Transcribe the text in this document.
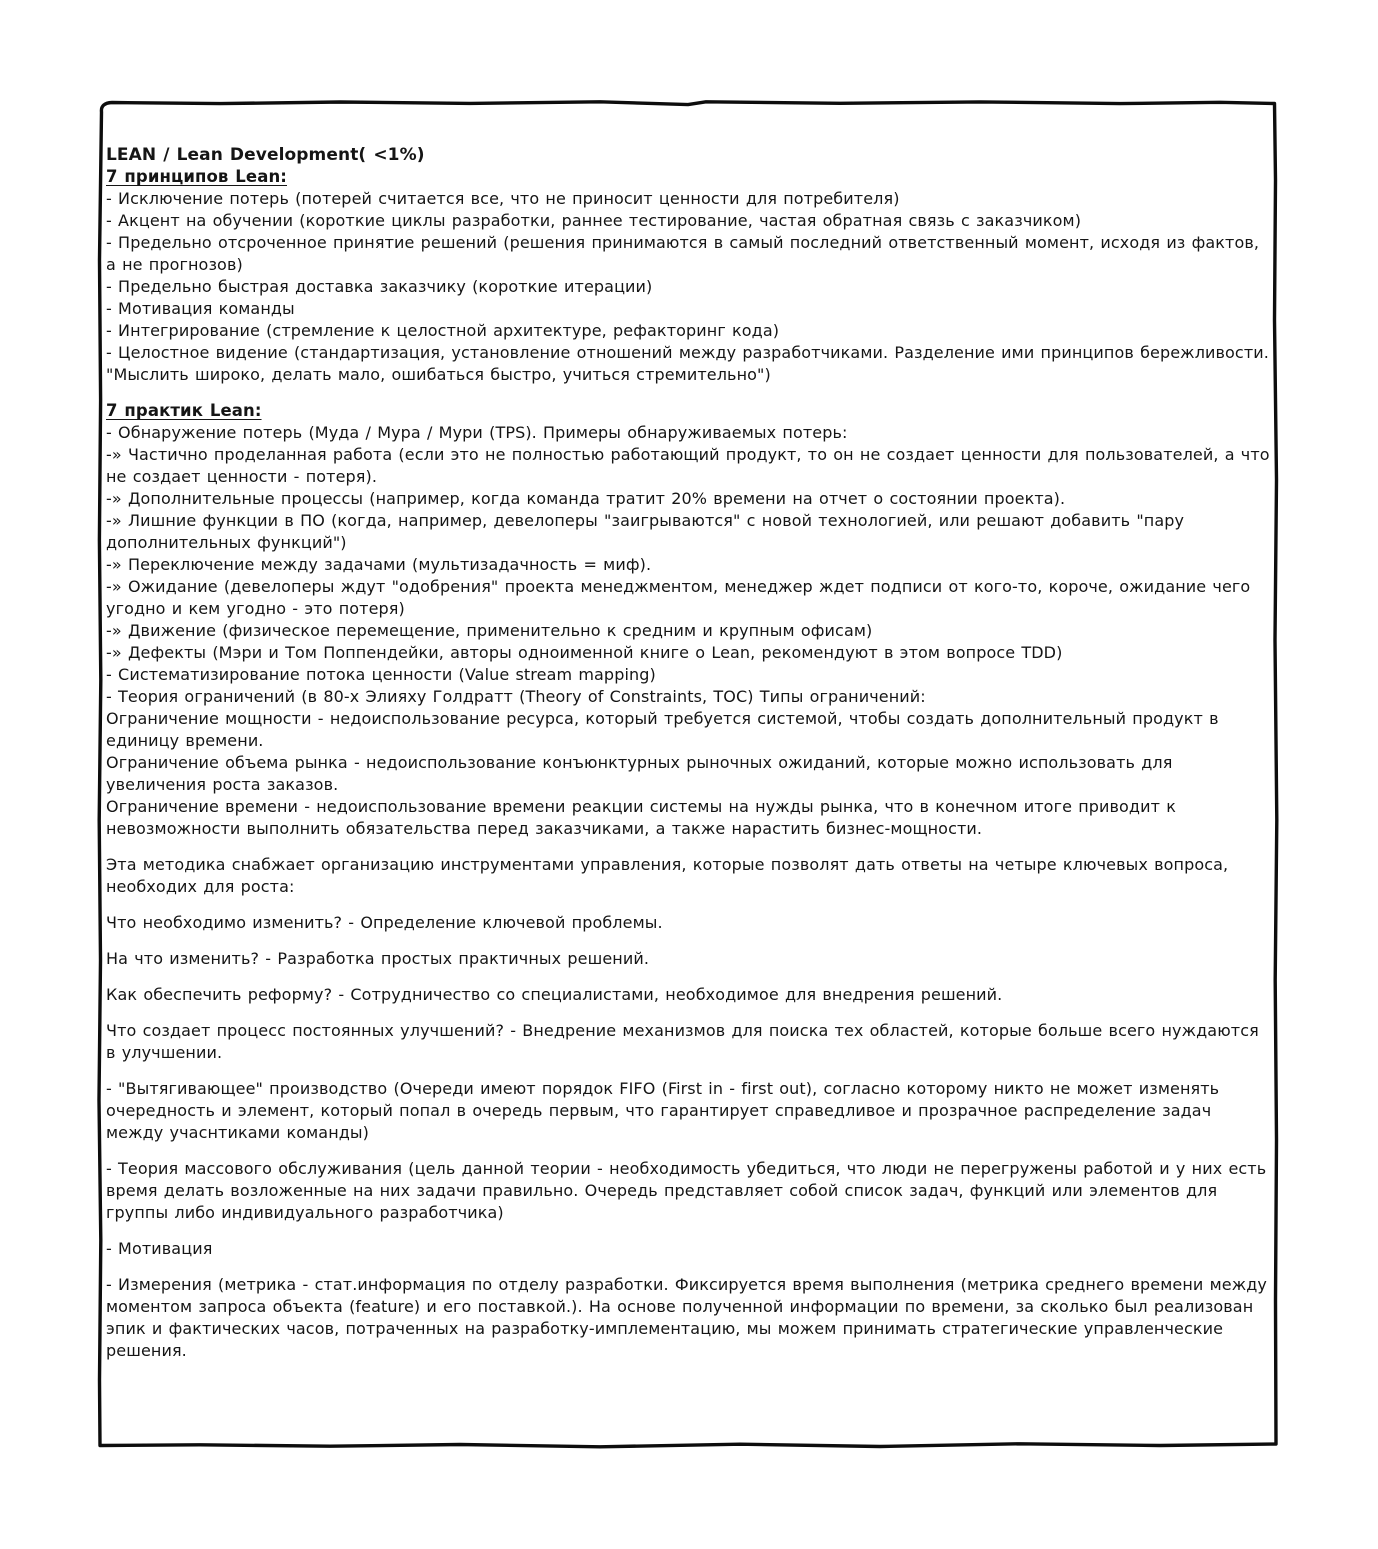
LEAN / Lean Development( <1%)
7 принципов Lean:
- Исключение потерь (потерей считается все, что не приносит ценности для потребителя)
- Акцент на обучении (короткие циклы разработки, раннее тестирование, частая обратная связь с заказчиком)
- Предельно отсроченное принятие решений (решения принимаются в самый последний ответственный момент, исходя из фактов, а не прогнозов)
- Предельно быстрая доставка заказчику (короткие итерации)
- Мотивация команды
- Интегрирование (стремление к целостной архитектуре, рефакторинг кода)
- Целостное видение (стандартизация, установление отношений между разработчиками. Разделение ими принципов бережливости. "Мыслить широко, делать мало, ошибаться быстро, учиться стремительно")
7 практик Lean:
- Обнаружение потерь (Муда / Мура / Мури (TPS). Примеры обнаруживаемых потерь:
-» Частично проделанная работа (если это не полностью работающий продукт, то он не создает ценности для пользователей, а что не создает ценности - потеря).
-» Дополнительные процессы (например, когда команда тратит 20% времени на отчет о состоянии проекта).
-» Лишние функции в ПО (когда, например, девелоперы "заигрываются" с новой технологией, или решают добавить "пару дополнительных функций")
-» Переключение между задачами (мультизадачность = миф).
-» Ожидание (девелоперы ждут "одобрения" проекта менеджментом, менеджер ждет подписи от кого-то, короче, ожидание чего угодно и кем угодно - это потеря)
-» Движение (физическое перемещение, применительно к средним и крупным офисам)
-» Дефекты (Мэри и Том Поппендейки, авторы одноименной книге о Lean, рекомендуют в этом вопросе TDD)
- Систематизирование потока ценности (Value stream mapping)
- Теория ограничений (в 80-х Элияху Голдратт (Theory of Constraints, TOC) Типы ограничений:
Ограничение мощности - недоиспользование ресурса, который требуется системой, чтобы создать дополнительный продукт в единицу времени.
Ограничение объема рынка - недоиспользование конъюнктурных рыночных ожиданий, которые можно использовать для увеличения роста заказов.
Ограничение времени - недоиспользование времени реакции системы на нужды рынка, что в конечном итоге приводит к невозможности выполнить обязательства перед заказчиками, а также нарастить бизнес-мощности.
Эта методика снабжает организацию инструментами управления, которые позволят дать ответы на четыре ключевых вопроса, необходих для роста:
Что необходимо изменить? - Определение ключевой проблемы.
На что изменить? - Разработка простых практичных решений.
Как обеспечить реформу? - Сотрудничество со специалистами, необходимое для внедрения решений.
Что создает процесс постоянных улучшений? - Внедрение механизмов для поиска тех областей, которые больше всего нуждаются в улучшении.
- "Вытягивающее" производство (Очереди имеют порядок FIFO (First in - first out), согласно которому никто не может изменять очередность и элемент, который попал в очередь первым, что гарантирует справедливое и прозрачное распределение задач между учаснтиками команды)
- Теория массового обслуживания (цель данной теории - необходимость убедиться, что люди не перегружены работой и у них есть время делать возложенные на них задачи правильно. Очередь представляет собой список задач, функций или элементов для группы либо индивидуального разработчика)
- Мотивация
- Измерения (метрика - стат.информация по отделу разработки. Фиксируется время выполнения (метрика среднего времени между моментом запроса объекта (feature) и его поставкой.). На основе полученной информации по времени, за сколько был реализован эпик и фактических часов, потраченных на разработку-имплементацию, мы можем принимать стратегические управленческие решения.
